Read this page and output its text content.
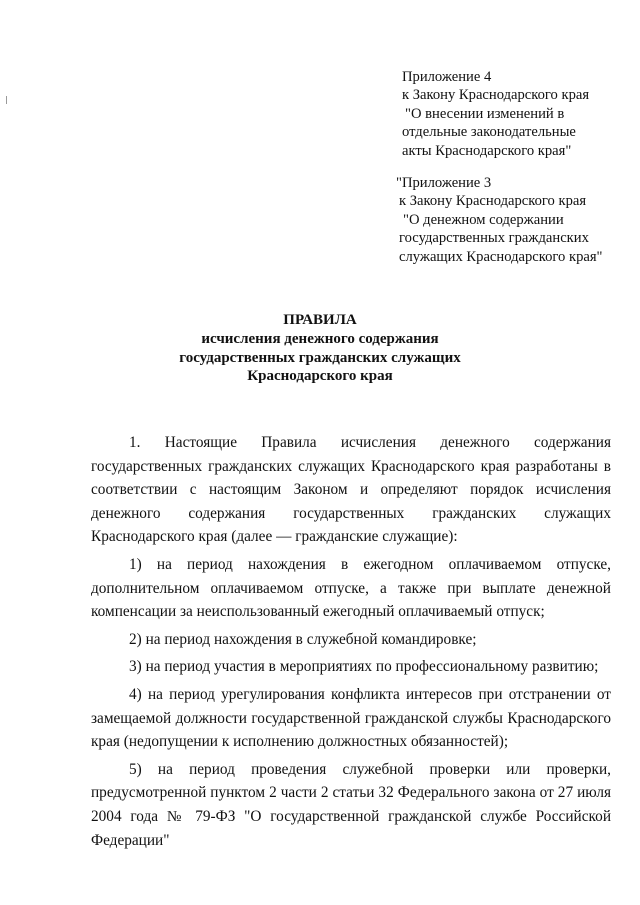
Приложение 4
к Закону Краснодарского края
"О внесении изменений в
отдельные законодательные
акты Краснодарского края"
"Приложение 3
к Закону Краснодарского края
"О денежном содержании
государственных гражданских
служащих Краснодарского края"
ПРАВИЛА
исчисления денежного содержания
государственных гражданских служащих
Краснодарского края

1. Настоящие Правила исчисления денежного содержания государственных гражданских служащих Краснодарского края разработаны в соответствии с настоящим Законом и определяют порядок исчисления денежного содержания государственных гражданских служащих Краснодарского края (далее — гражданские служащие):

1) на период нахождения в ежегодном оплачиваемом отпуске, дополнительном оплачиваемом отпуске, а также при выплате денежной компенсации за неиспользованный ежегодный оплачиваемый отпуск;

2) на период нахождения в служебной командировке;

3) на период участия в мероприятиях по профессиональному развитию;

4) на период урегулирования конфликта интересов при отстранении от замещаемой должности государственной гражданской службы Краснодарского края (недопущении к исполнению должностных обязанностей);

5) на период проведения служебной проверки или проверки, предусмотренной пунктом 2 части 2 статьи 32 Федерального закона от 27 июля 2004 года № 79-ФЗ "О государственной гражданской службе Российской Федерации"
